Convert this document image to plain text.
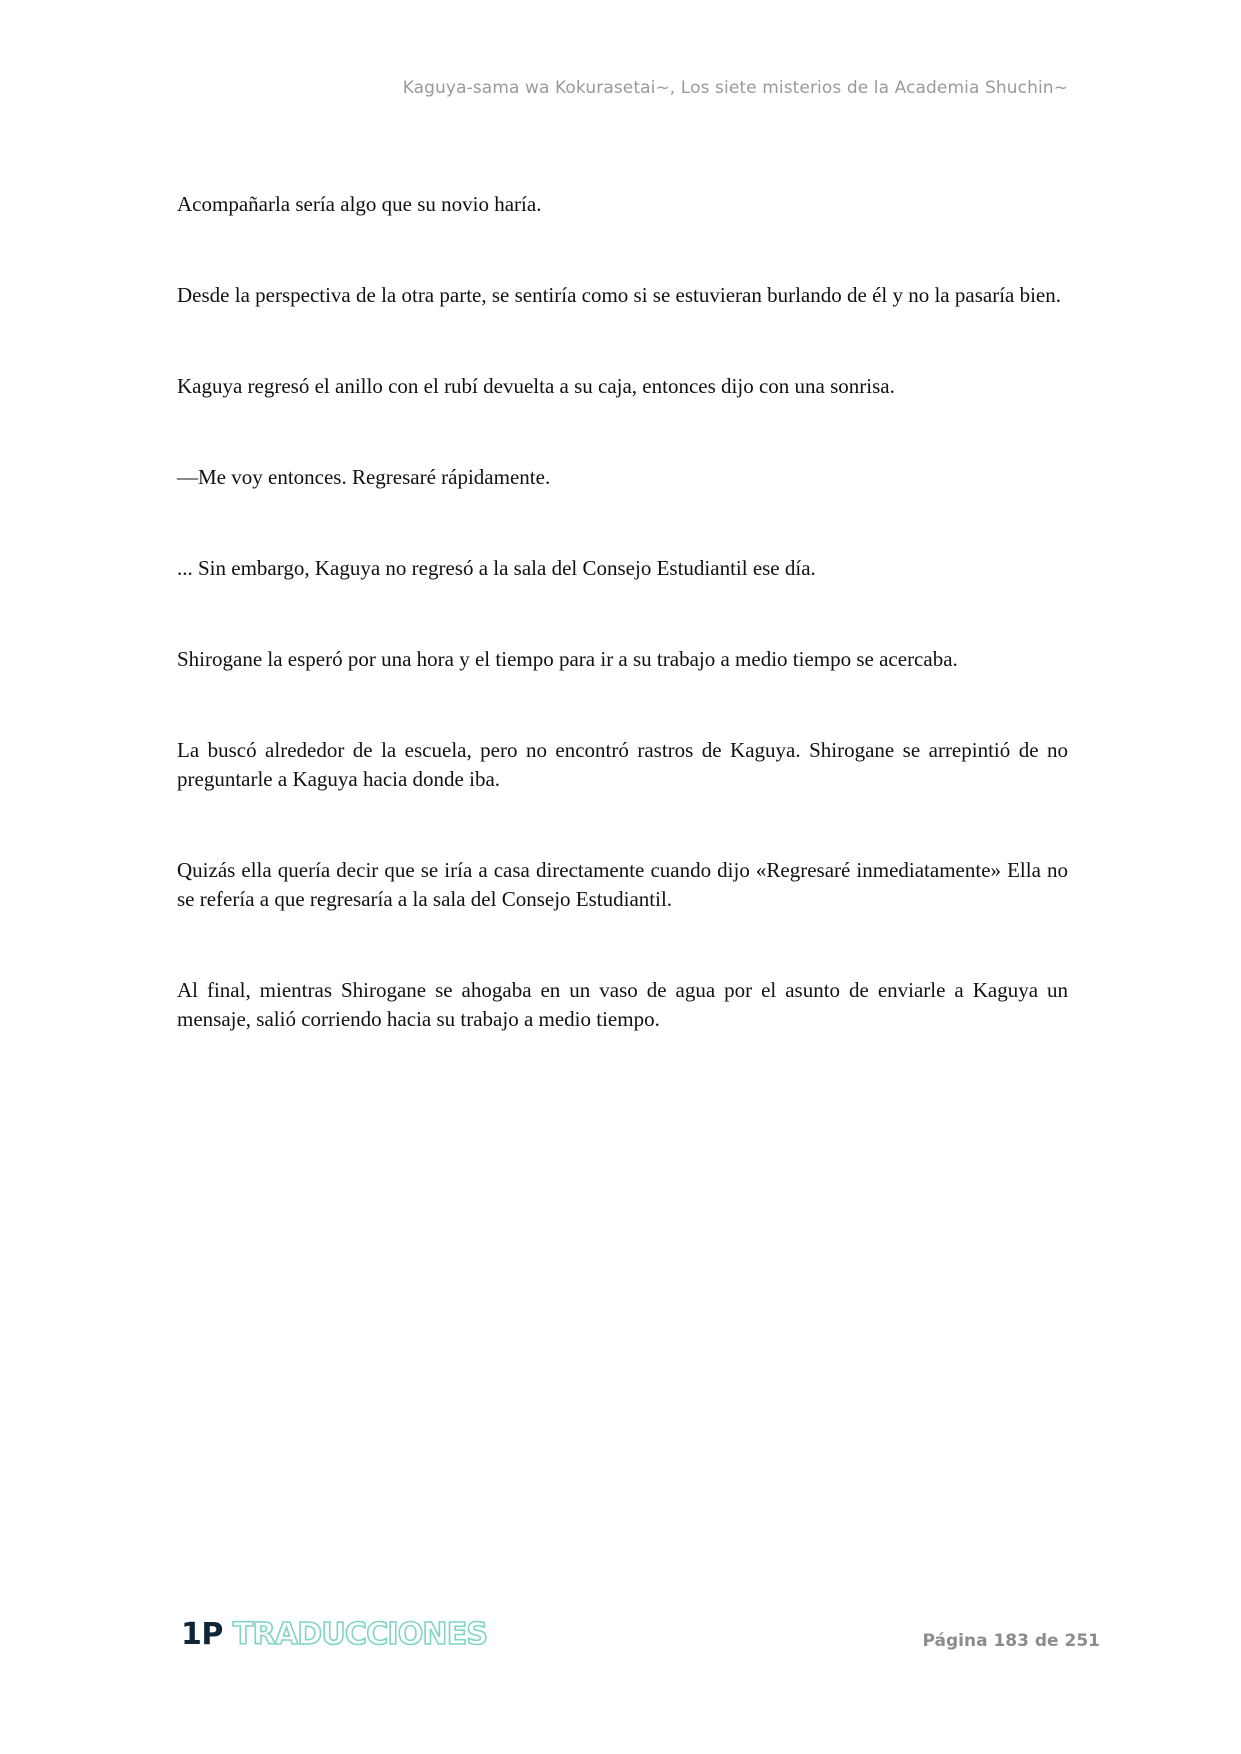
Kaguya-sama wa Kokurasetai~, Los siete misterios de la Academia Shuchin~

Acompañarla sería algo que su novio haría.

Desde la perspectiva de la otra parte, se sentiría como si se estuvieran burlando de él y no la pasaría bien.

Kaguya regresó el anillo con el rubí devuelta a su caja, entonces dijo con una sonrisa.

—Me voy entonces. Regresaré rápidamente.

... Sin embargo, Kaguya no regresó a la sala del Consejo Estudiantil ese día.

Shirogane la esperó por una hora y el tiempo para ir a su trabajo a medio tiempo se acercaba.

La buscó alrededor de la escuela, pero no encontró rastros de Kaguya. Shirogane se arrepintió de no preguntarle a Kaguya hacia donde iba.

Quizás ella quería decir que se iría a casa directamente cuando dijo «Regresaré inmediatamente» Ella no se refería a que regresaría a la sala del Consejo Estudiantil.

Al final, mientras Shirogane se ahogaba en un vaso de agua por el asunto de enviarle a Kaguya un mensaje, salió corriendo hacia su trabajo a medio tiempo.

1P TRADUCCIONES	Página 183 de 251
